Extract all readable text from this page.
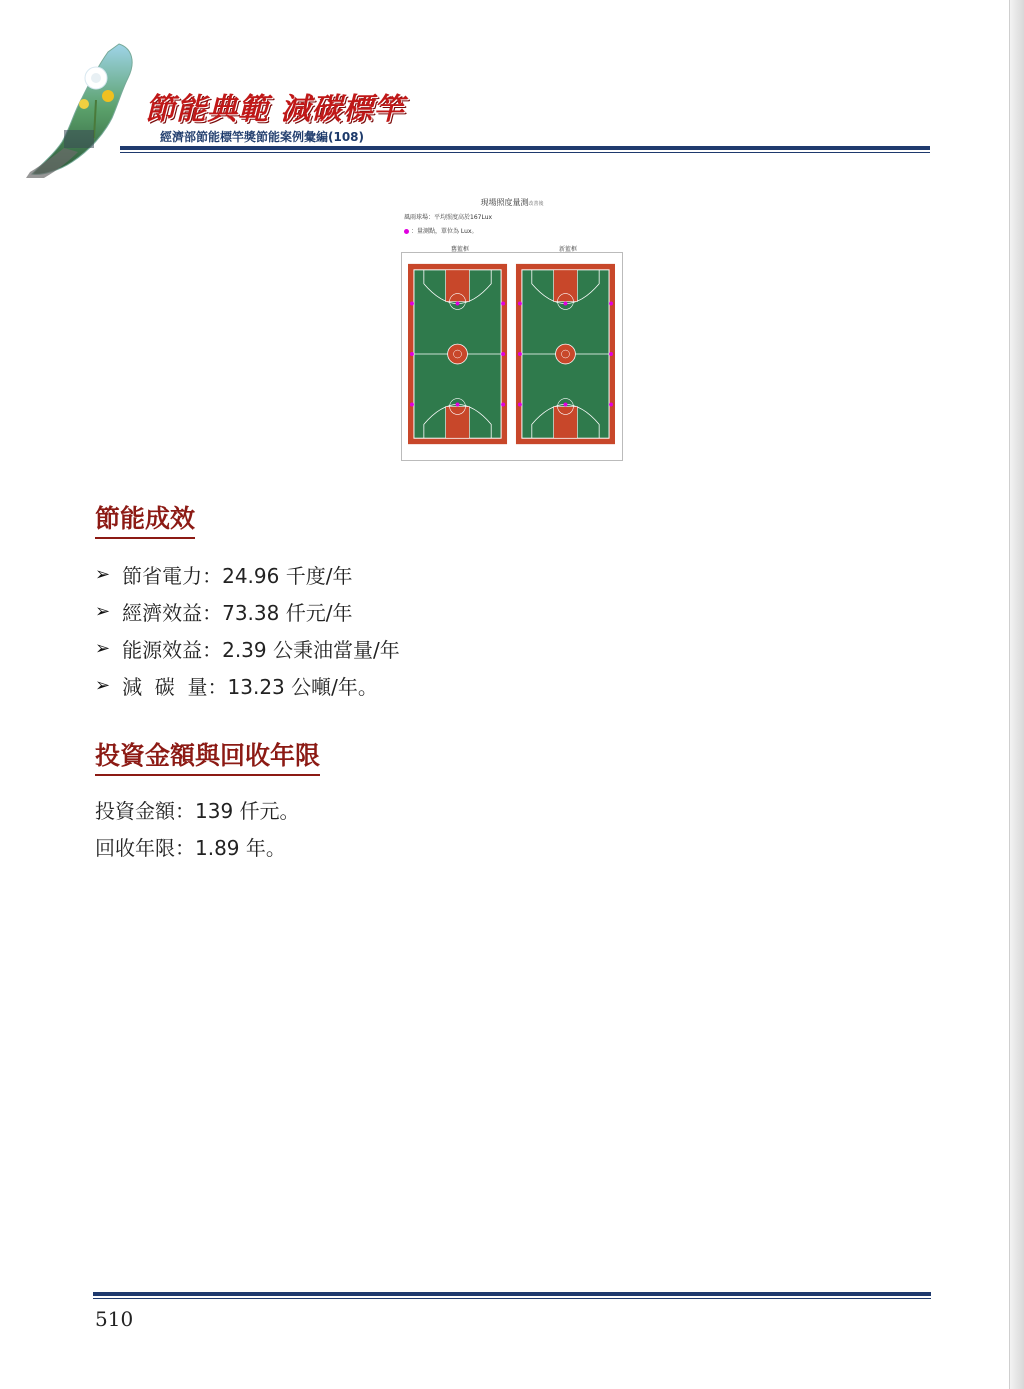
節能典範 減碳標竿
經濟部節能標竿獎節能案例彙編(108)
現場照度量測改善後
風雨球場：平均照度高於167Lux
：量測點，單位為 Lux。
舊籃框	新籃框
節能成效
➢ 節省電力：24.96 千度/年
➢ 經濟效益：73.38 仟元/年
➢ 能源效益：2.39 公秉油當量/年
➢ 減  碳  量：13.23 公噸/年。
投資金額與回收年限
投資金額：139 仟元。
回收年限：1.89 年。
510
